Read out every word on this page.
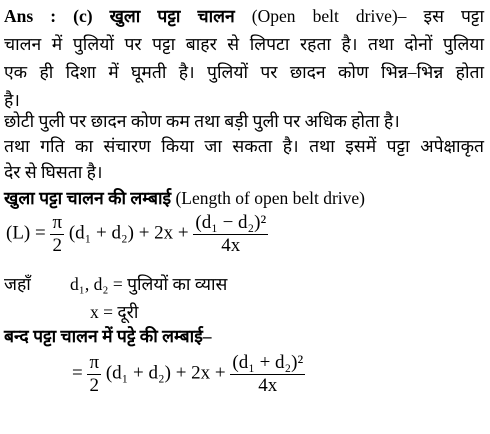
Ans : (c) खुला पट्टा चालन (Open belt drive)– इस पट्टा
चालन में पुलियों पर पट्टा बाहर से लिपटा रहता है। तथा दोनों पुलिया
एक ही दिशा में घूमती है। पुलियों पर छादन कोण भिन्न–भिन्न होता
है।
छोटी पुली पर छादन कोण कम तथा बड़ी पुली पर अधिक होता है।
तथा गति का संचारण किया जा सकता है। तथा इसमें पट्टा अपेक्षाकृत
देर से घिसता है।
खुला पट्टा चालन की लम्बाई (Length of open belt drive)
$(L) = \frac{\pi}{2} (d_1 + d_2) + 2x + \frac{\text{(d₁ − d₂)²}}{4x}$
जहाँ d₁, d₂ = पुलियों का व्यास
x = दूरी
बन्द पट्टा चालन में पट्टे की लम्बाई–
= $\frac{\pi}{2} (d_1 + d_2) + 2x + \frac{\text{(d₁ + d₂)²}}{4x}$
